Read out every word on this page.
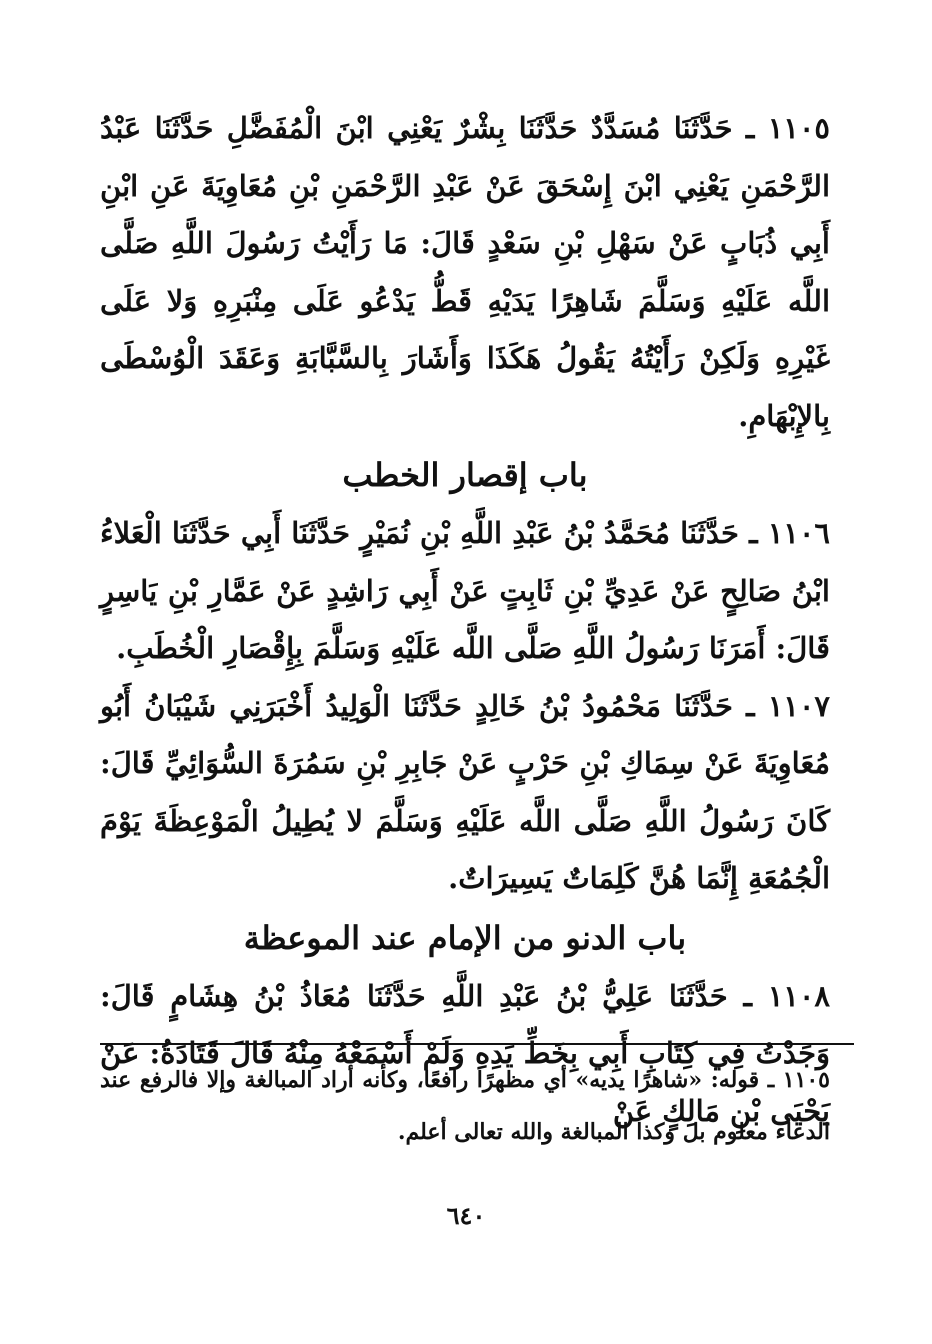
١١٠٥ ـ حَدَّثَنَا مُسَدَّدٌ حَدَّثَنَا بِشْرٌ يَعْنِي ابْنَ الْمُفَضَّلِ حَدَّثَنَا عَبْدُ الرَّحْمَنِ يَعْنِي ابْنَ إِسْحَقَ عَنْ عَبْدِ الرَّحْمَنِ بْنِ مُعَاوِيَةَ عَنِ ابْنِ أَبِي ذُبَابٍ عَنْ سَهْلِ بْنِ سَعْدٍ قَالَ: مَا رَأَيْتُ رَسُولَ اللَّهِ صَلَّى اللَّه عَلَيْهِ وَسَلَّمَ شَاهِرًا يَدَيْهِ قَطُّ يَدْعُو عَلَى مِنْبَرِهِ وَلا عَلَى غَيْرِهِ وَلَكِنْ رَأَيْتُهُ يَقُولُ هَكَذَا وَأَشَارَ بِالسَّبَّابَةِ وَعَقَدَ الْوُسْطَى بِالإِبْهَامِ.

باب إقصار الخطب

١١٠٦ ـ حَدَّثَنَا مُحَمَّدُ بْنُ عَبْدِ اللَّهِ بْنِ نُمَيْرٍ حَدَّثَنَا أَبِي حَدَّثَنَا الْعَلاءُ ابْنُ صَالِحٍ عَنْ عَدِيِّ بْنِ ثَابِتٍ عَنْ أَبِي رَاشِدٍ عَنْ عَمَّارِ بْنِ يَاسِرٍ قَالَ: أَمَرَنَا رَسُولُ اللَّهِ صَلَّى اللَّه عَلَيْهِ وَسَلَّمَ بِإِقْصَارِ الْخُطَبِ.

١١٠٧ ـ حَدَّثَنَا مَحْمُودُ بْنُ خَالِدٍ حَدَّثَنَا الْوَلِيدُ أَخْبَرَنِي شَيْبَانُ أَبُو مُعَاوِيَةَ عَنْ سِمَاكِ بْنِ حَرْبٍ عَنْ جَابِرِ بْنِ سَمُرَةَ السُّوَائِيِّ قَالَ: كَانَ رَسُولُ اللَّهِ صَلَّى اللَّه عَلَيْهِ وَسَلَّمَ لا يُطِيلُ الْمَوْعِظَةَ يَوْمَ الْجُمُعَةِ إِنَّمَا هُنَّ كَلِمَاتٌ يَسِيرَاتٌ.

باب الدنو من الإمام عند الموعظة

١١٠٨ ـ حَدَّثَنَا عَلِيُّ بْنُ عَبْدِ اللَّهِ حَدَّثَنَا مُعَاذُ بْنُ هِشَامٍ قَالَ: وَجَدْتُ فِي كِتَابِ أَبِي بِخَطِّ يَدِهِ وَلَمْ أَسْمَعْهُ مِنْهُ قَالَ قَتَادَةُ: عَنْ يَحْيَى بْنِ مَالِكٍ عَنْ

١١٠٥ ـ قوله: «شاهرًا يديه» أي مظهرًا رافعًا، وكأنه أراد المبالغة وإلا فالرفع عند الدعاء معلوم بل وكذا المبالغة والله تعالى أعلم.

٦٤٠
